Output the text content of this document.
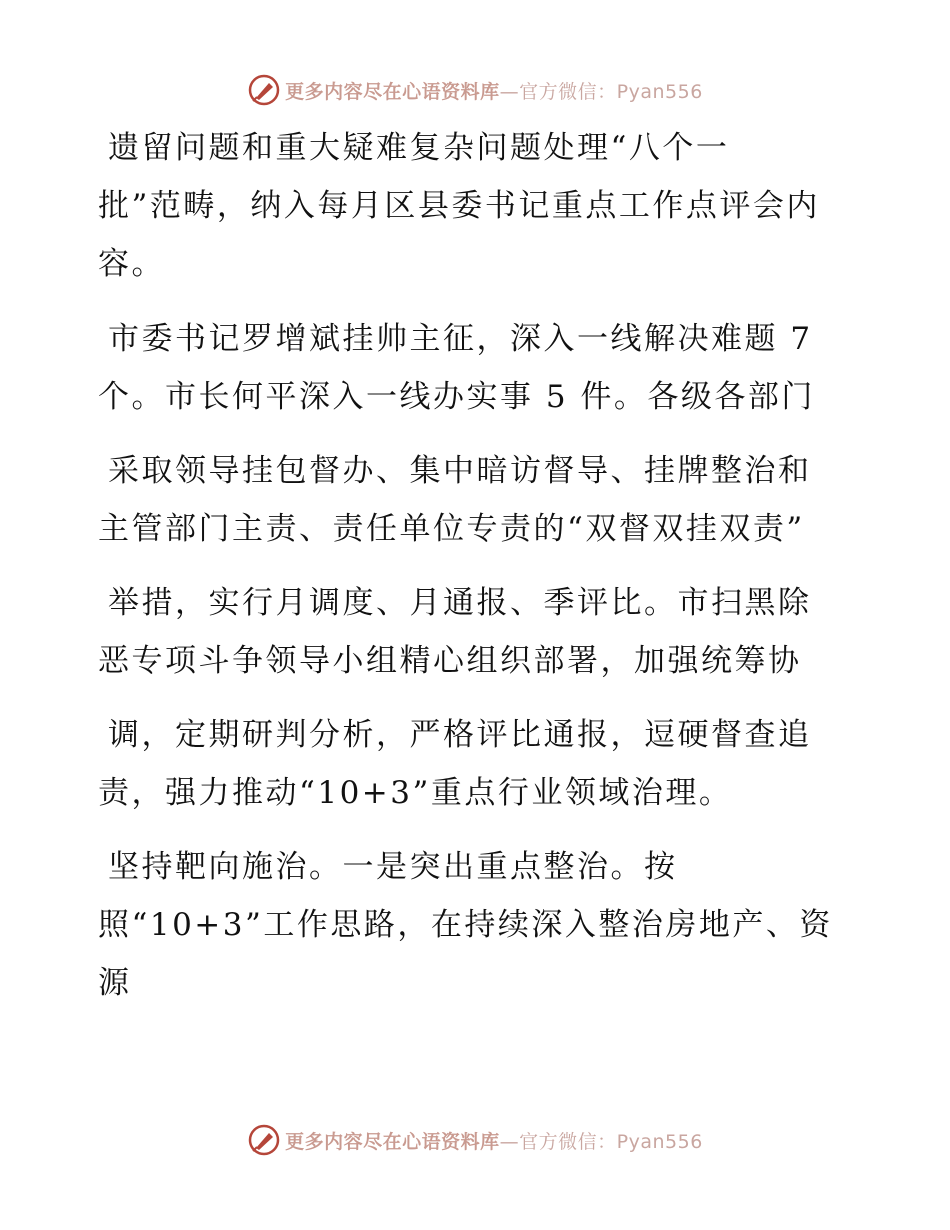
更多内容尽在心语资料库—官方微信：Pyan556
遗留问题和重大疑难复杂问题处理“八个一
批”范畴，纳入每月区县委书记重点工作点评会内
容。
市委书记罗增斌挂帅主征，深入一线解决难题 7
个。市长何平深入一线办实事 5 件。各级各部门
采取领导挂包督办、集中暗访督导、挂牌整治和
主管部门主责、责任单位专责的“双督双挂双责”
举措，实行月调度、月通报、季评比。市扫黑除
恶专项斗争领导小组精心组织部署，加强统筹协
调，定期研判分析，严格评比通报，逗硬督查追
责，强力推动“10+3”重点行业领域治理。
坚持靶向施治。一是突出重点整治。按
照“10+3”工作思路，在持续深入整治房地产、资
源
更多内容尽在心语资料库—官方微信：Pyan556
